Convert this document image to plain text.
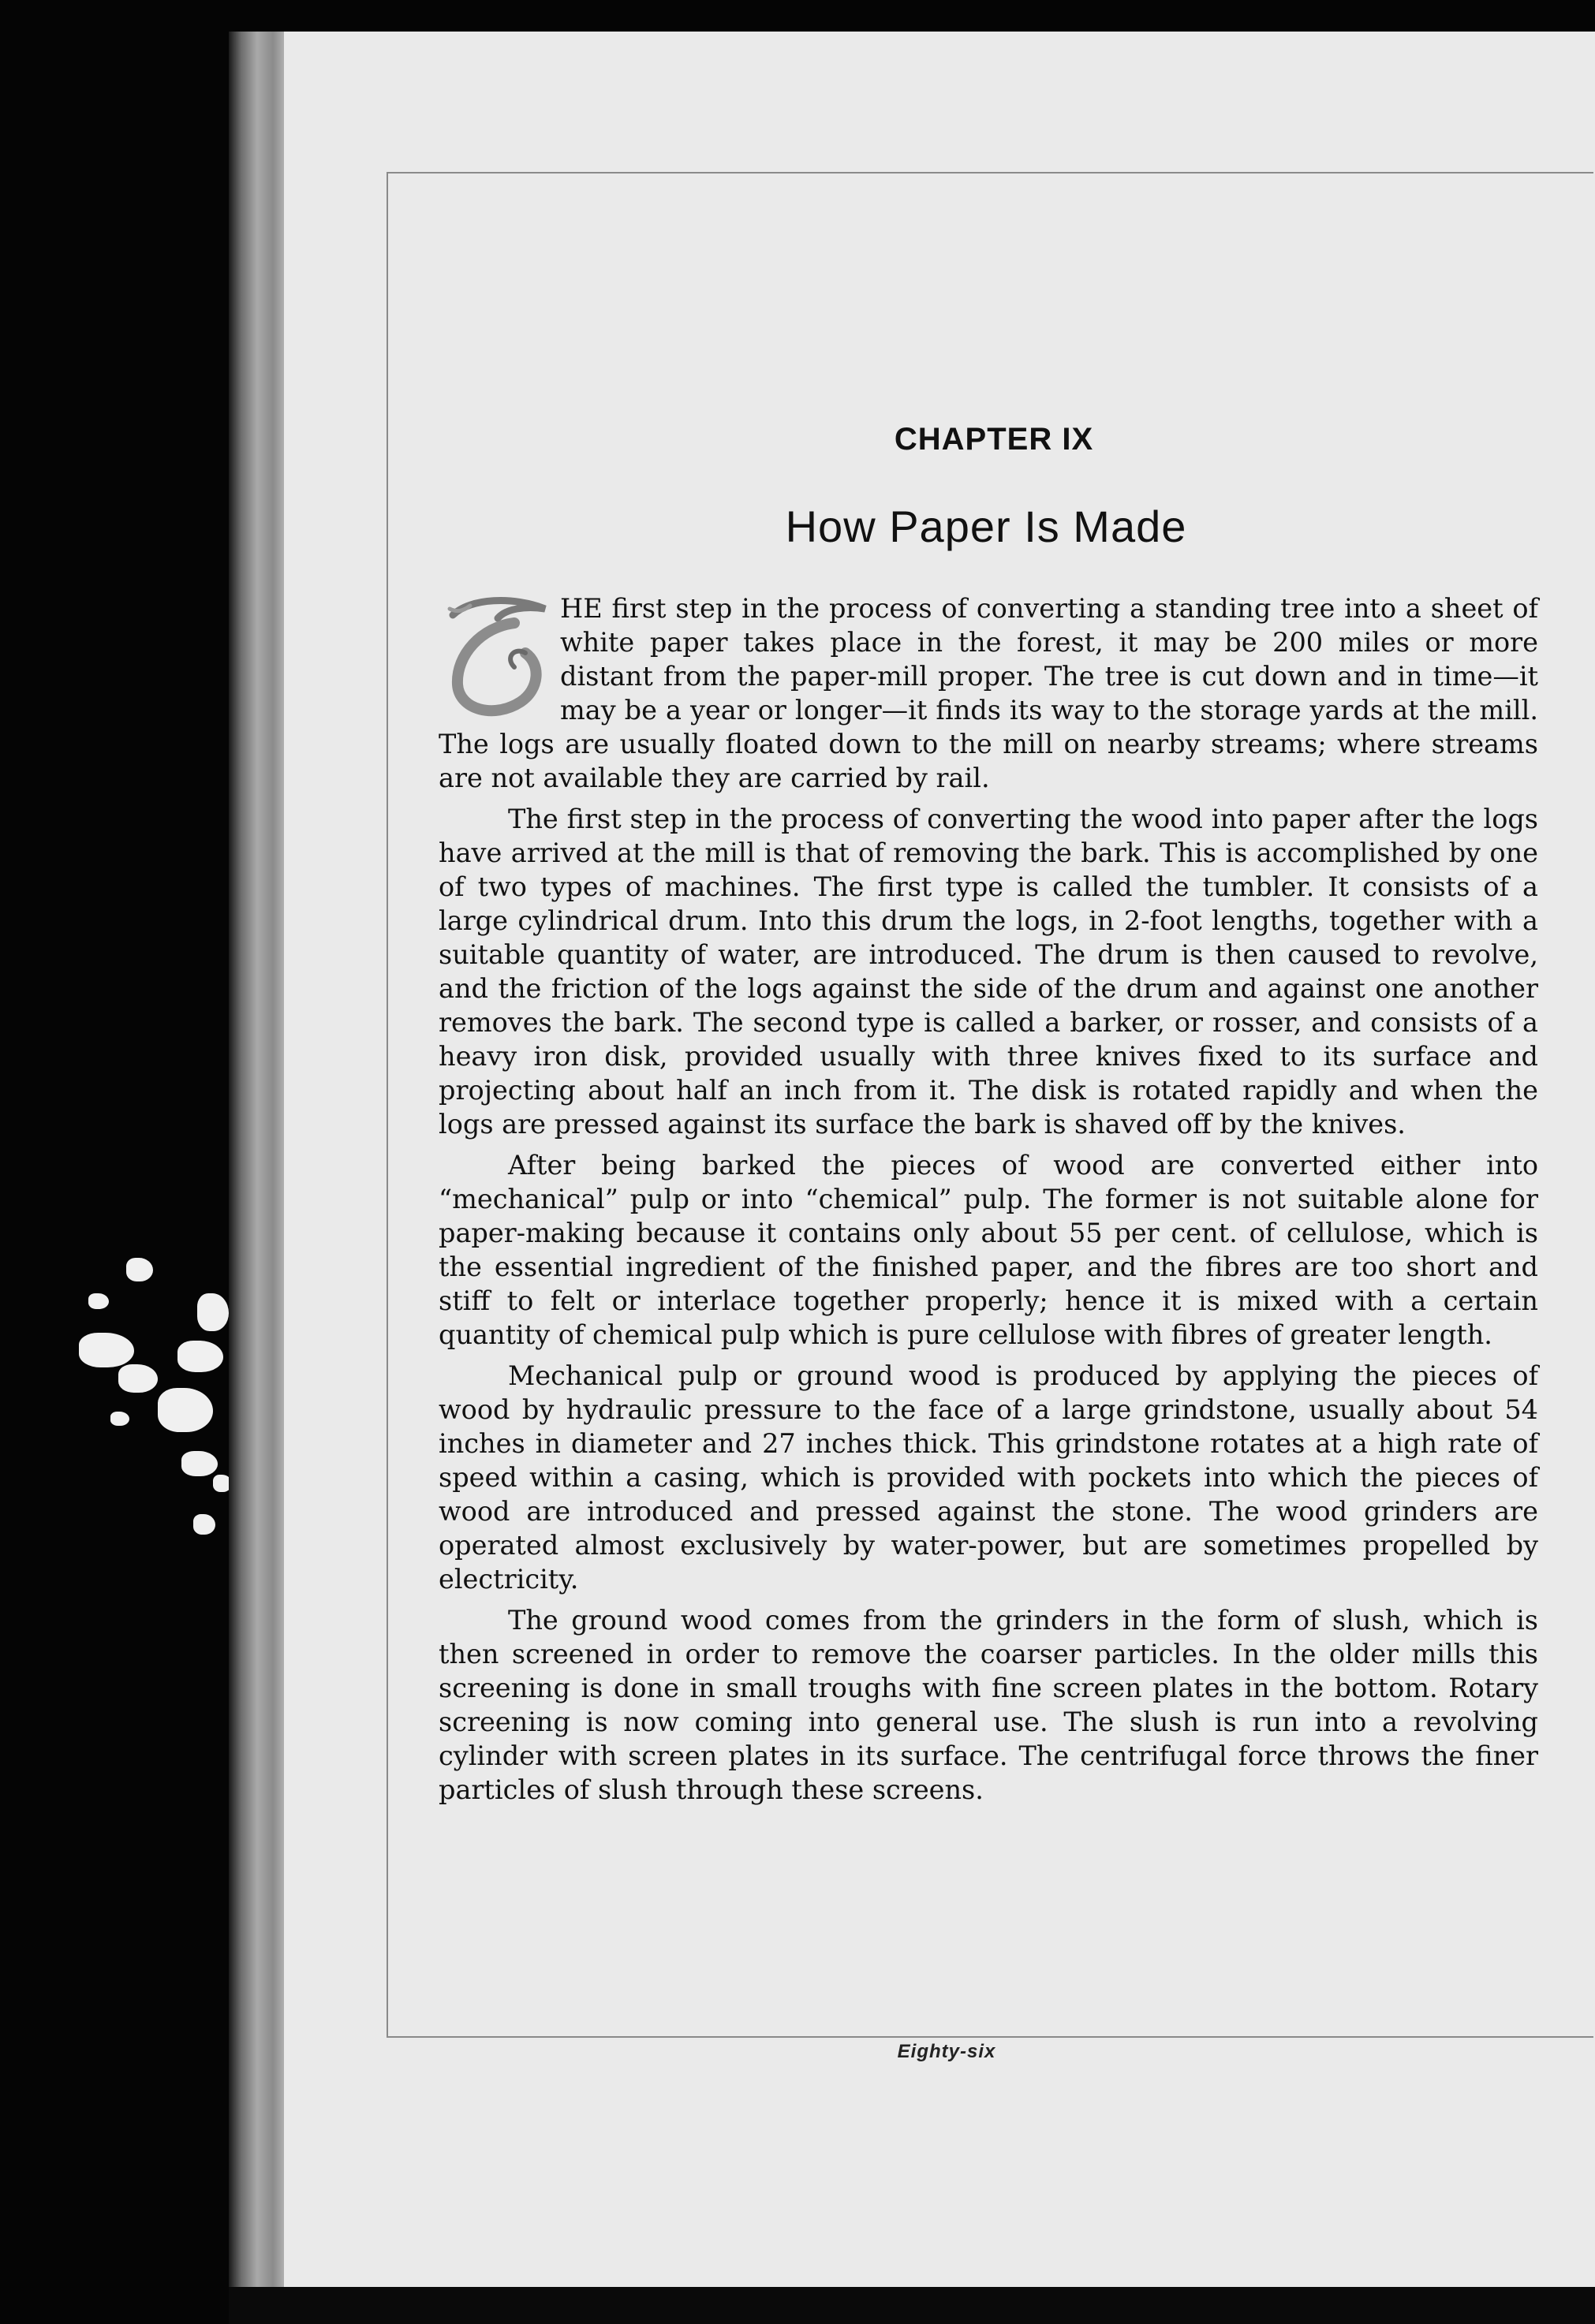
CHAPTER IX
How Paper Is Made

HE first step in the process of converting a standing tree into a sheet of white paper takes place in the forest, it may be 200 miles or more distant from the paper-mill proper. The tree is cut down and in time—it may be a year or longer—it finds its way to the storage yards at the mill. The logs are usually floated down to the mill on nearby streams; where streams are not available they are carried by rail.

The first step in the process of converting the wood into paper after the logs have arrived at the mill is that of removing the bark. This is accomplished by one of two types of machines. The first type is called the tumbler. It consists of a large cylindrical drum. Into this drum the logs, in 2-foot lengths, together with a suitable quantity of water, are introduced. The drum is then caused to revolve, and the friction of the logs against the side of the drum and against one another removes the bark. The second type is called a barker, or rosser, and consists of a heavy iron disk, provided usually with three knives fixed to its surface and projecting about half an inch from it. The disk is rotated rapidly and when the logs are pressed against its surface the bark is shaved off by the knives.

After being barked the pieces of wood are converted either into “mechanical” pulp or into “chemical” pulp. The former is not suitable alone for paper-making because it contains only about 55 per cent. of cellulose, which is the essential ingredient of the finished paper, and the fibres are too short and stiff to felt or interlace together properly; hence it is mixed with a certain quantity of chemical pulp which is pure cellulose with fibres of greater length.

Mechanical pulp or ground wood is produced by applying the pieces of wood by hydraulic pressure to the face of a large grindstone, usually about 54 inches in diameter and 27 inches thick. This grindstone rotates at a high rate of speed within a casing, which is provided with pockets into which the pieces of wood are introduced and pressed against the stone. The wood grinders are operated almost exclusively by water-power, but are sometimes propelled by electricity.

The ground wood comes from the grinders in the form of slush, which is then screened in order to remove the coarser particles. In the older mills this screening is done in small troughs with fine screen plates in the bottom. Rotary screening is now coming into general use. The slush is run into a revolving cylinder with screen plates in its surface. The centrifugal force throws the finer particles of slush through these screens.

Eighty-six
